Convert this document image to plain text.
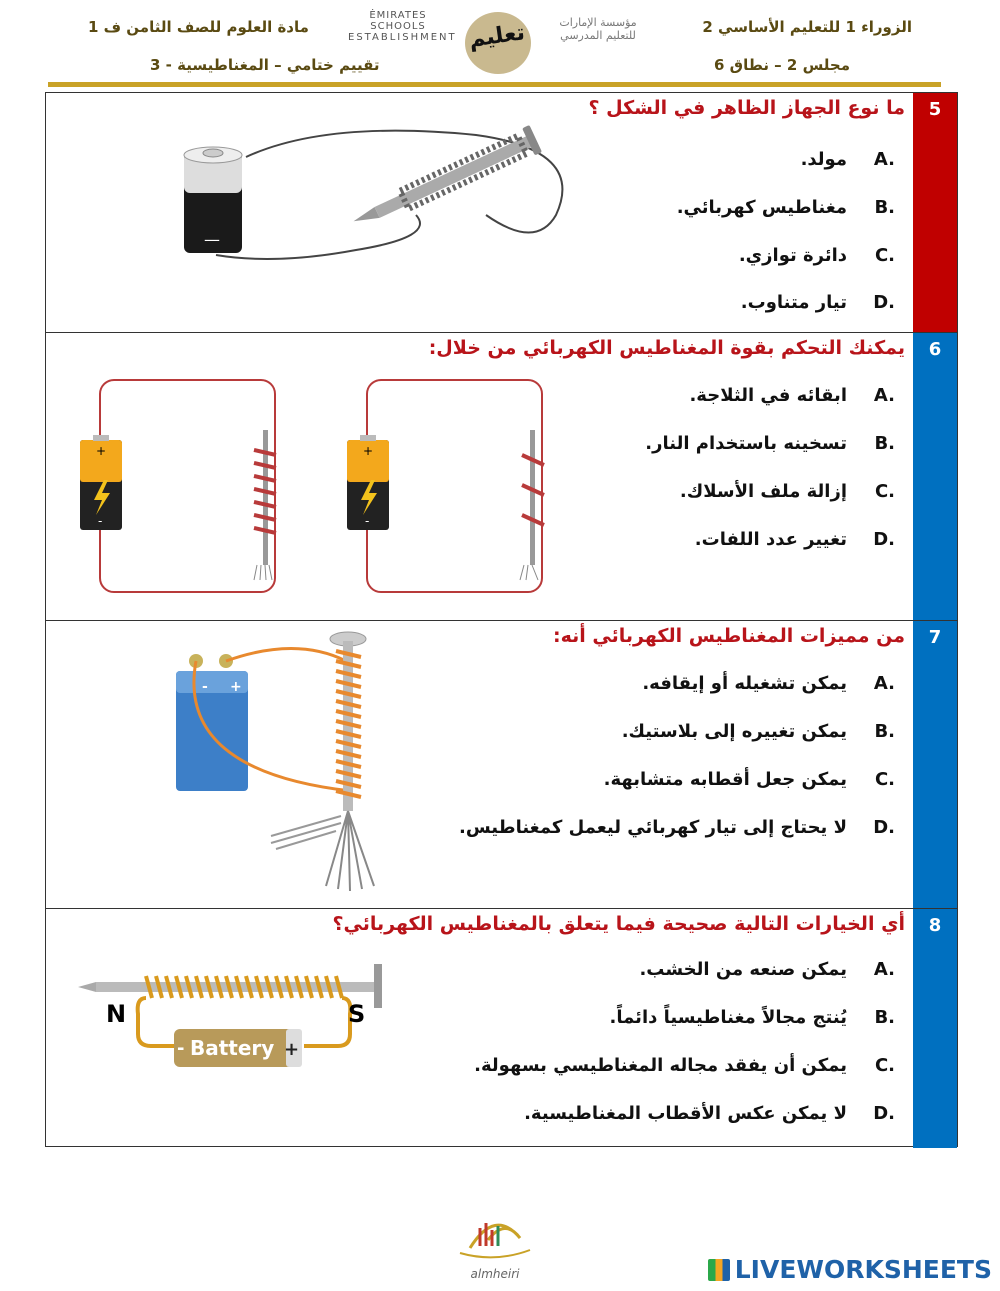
الزوراء 1 للتعليم الأساسي 2
مجلس 2 – نطاق 6
مادة العلوم للصف الثامن ف 1
تقييم ختامي – المغناطيسية - 3
ĖMIRATES SCHOOLS
ESTABLISHMENT تعليم	مؤسسة الإمارات
للتعليم المدرسي
5
ما نوع الجهاز الظاهر في الشكل ؟
A.
مولد.
B.
مغناطيس كهربائي.
C.
دائرة توازي.
D.
تيار متناوب.
—
6
يمكنك التحكم بقوة المغناطيس الكهربائي من خلال:
A.
ابقائه في الثلاجة.
B.
تسخينه باستخدام النار.
C.
إزالة ملف الأسلاك.
D.
تغيير عدد اللفات.
+
-
+
-
7
من مميزات المغناطيس الكهربائي أنه:
A.
يمكن تشغيله أو إيقافه.
B.
يمكن تغييره إلى بلاستيك.
C.
يمكن جعل أقطابه متشابهة.
D.
لا يحتاج إلى تيار كهربائي ليعمل كمغناطيس.
- +
8
أي الخيارات التالية صحيحة فيما يتعلق بالمغناطيس الكهربائي؟
A.
يمكن صنعه من الخشب.
B.
يُنتج مجالاً مغناطيسياً دائماً.
C.
يمكن أن يفقد مجاله المغناطيسي بسهولة.
D.
لا يمكن عكس الأقطاب المغناطيسية.
N	S
- Battery +
almheiri	LIVEWORKSHEETS
